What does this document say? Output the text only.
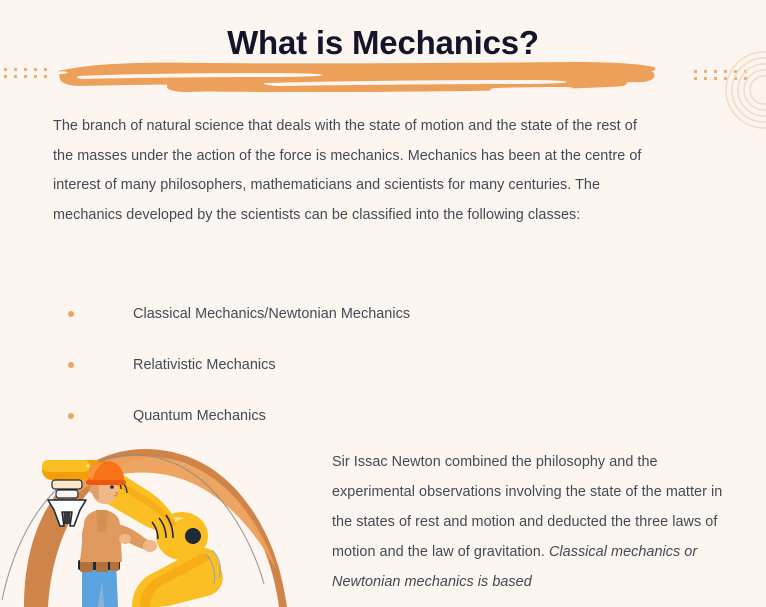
What is Mechanics?
The branch of natural science that deals with the state of motion and the state of the rest of the masses under the action of the force is mechanics. Mechanics has been at the centre of interest of many philosophers, mathematicians and scientists for many centuries. The mechanics developed by the scientists can be classified into the following classes:
Classical Mechanics/Newtonian Mechanics
Relativistic Mechanics
Quantum Mechanics
Sir Issac Newton combined the philosophy and the experimental observations involving the state of the matter in the states of rest and motion and deducted the three laws of motion and the law of gravitation. Classical mechanics or Newtonian mechanics is based
